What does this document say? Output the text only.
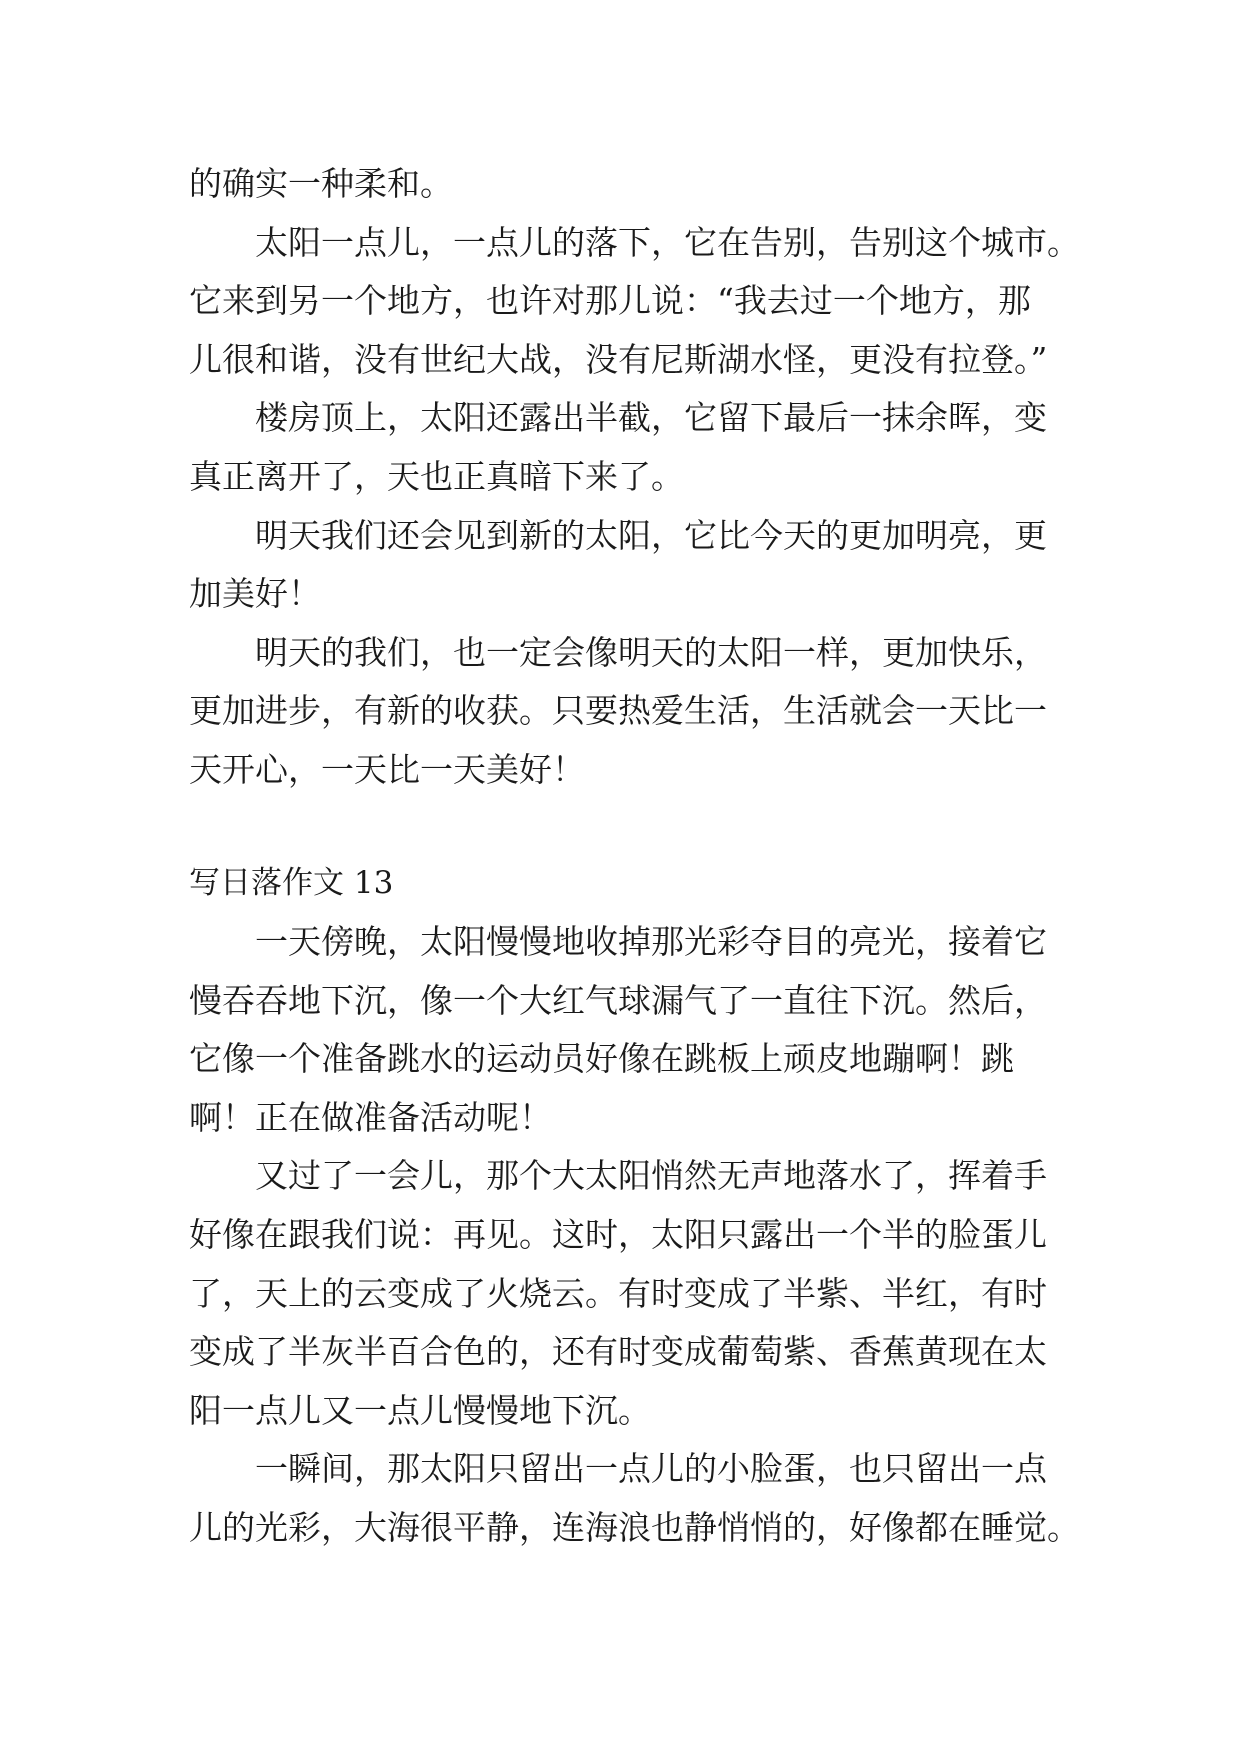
的确实一种柔和。
太阳一点儿，一点儿的落下，它在告别，告别这个城市。
它来到另一个地方，也许对那儿说：“我去过一个地方，那
儿很和谐，没有世纪大战，没有尼斯湖水怪，更没有拉登。”
楼房顶上，太阳还露出半截，它留下最后一抹余晖，变
真正离开了，天也正真暗下来了。
明天我们还会见到新的太阳，它比今天的更加明亮，更
加美好！
明天的我们，也一定会像明天的太阳一样，更加快乐，
更加进步，有新的收获。只要热爱生活，生活就会一天比一
天开心，一天比一天美好！
写日落作文 13
一天傍晚，太阳慢慢地收掉那光彩夺目的亮光，接着它
慢吞吞地下沉，像一个大红气球漏气了一直往下沉。然后，
它像一个准备跳水的运动员好像在跳板上顽皮地蹦啊！跳
啊！正在做准备活动呢！
又过了一会儿，那个大太阳悄然无声地落水了，挥着手
好像在跟我们说：再见。这时，太阳只露出一个半的脸蛋儿
了，天上的云变成了火烧云。有时变成了半紫、半红，有时
变成了半灰半百合色的，还有时变成葡萄紫、香蕉黄现在太
阳一点儿又一点儿慢慢地下沉。
一瞬间，那太阳只留出一点儿的小脸蛋，也只留出一点
儿的光彩，大海很平静，连海浪也静悄悄的，好像都在睡觉。
